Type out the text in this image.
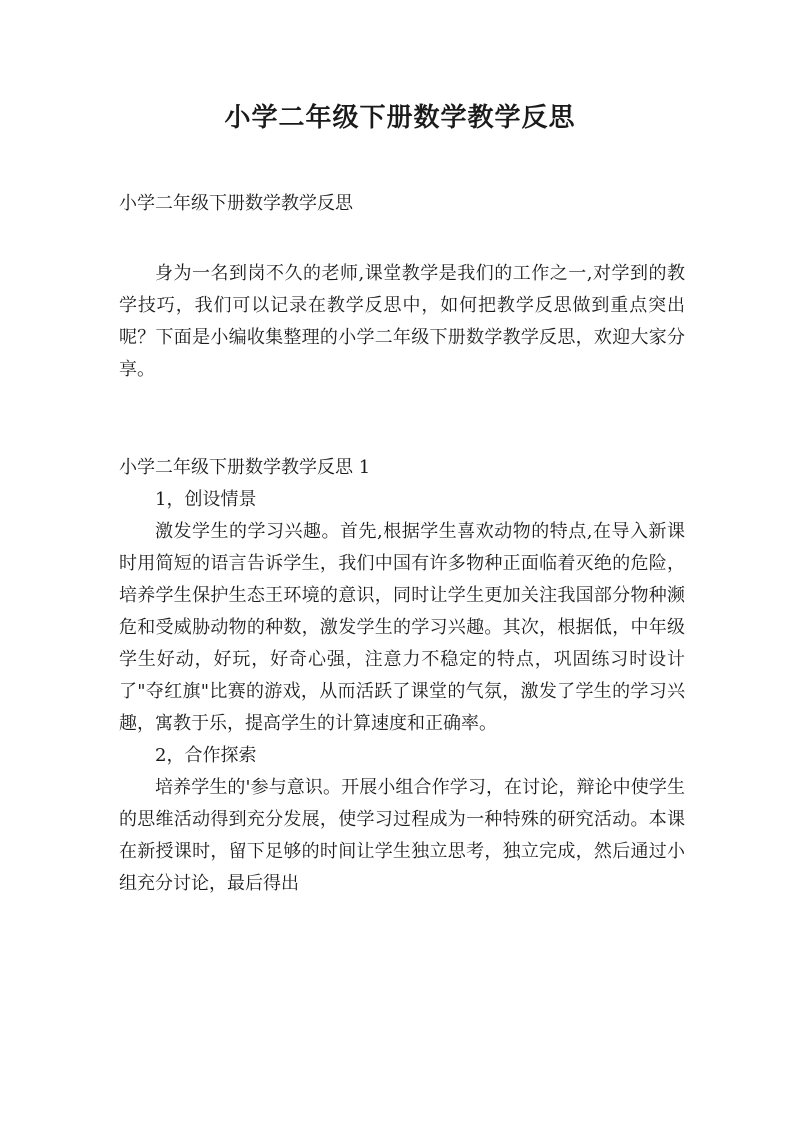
小学二年级下册数学教学反思
小学二年级下册数学教学反思

身为一名到岗不久的老师,课堂教学是我们的工作之一,对学到的教学技巧，我们可以记录在教学反思中，如何把教学反思做到重点突出呢？下面是小编收集整理的小学二年级下册数学教学反思，欢迎大家分享。

小学二年级下册数学教学反思 1

1，创设情景

激发学生的学习兴趣。首先,根据学生喜欢动物的特点,在导入新课时用简短的语言告诉学生，我们中国有许多物种正面临着灭绝的危险，培养学生保护生态王环境的意识，同时让学生更加关注我国部分物种濒危和受威胁动物的种数，激发学生的学习兴趣。其次，根据低，中年级学生好动，好玩，好奇心强，注意力不稳定的特点，巩固练习时设计了"夺红旗"比赛的游戏，从而活跃了课堂的气氛，激发了学生的学习兴趣，寓教于乐，提高学生的计算速度和正确率。

2，合作探索

培养学生的'参与意识。开展小组合作学习，在讨论，辩论中使学生的思维活动得到充分发展，使学习过程成为一种特殊的研究活动。本课在新授课时，留下足够的时间让学生独立思考，独立完成，然后通过小组充分讨论，最后得出
